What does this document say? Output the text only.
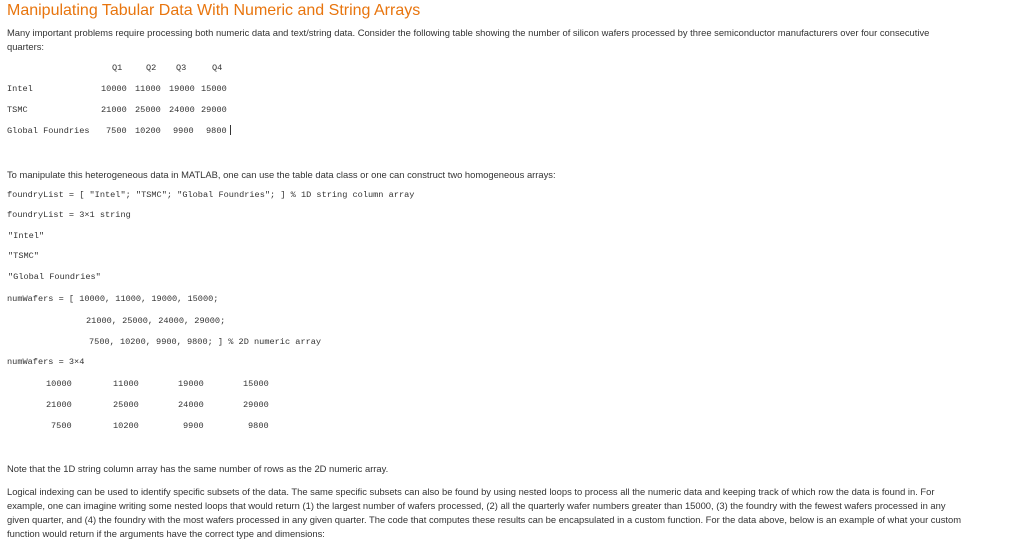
Manipulating Tabular Data With Numeric and String Arrays
Many important problems require processing both numeric data and text/string data. Consider the following table showing the number of silicon wafers processed by three semiconductor manufacturers over four consecutive
quarters:
Q1	Q2 Q3	Q4
Intel	10000 11000 19000 15000
TSMC	21000 25000 24000 29000
Global Foundries 7500 10200 9900 9800
To manipulate this heterogeneous data in MATLAB, one can use the table data class or one can construct two homogeneous arrays:
foundryList = [ "Intel"; "TSMC"; "Global Foundries"; ] % 1D string column array
foundryList = 3×1 string
"Intel"
"TSMC"
"Global Foundries"
numWafers = [ 10000, 11000, 19000, 15000;
21000, 25000, 24000, 29000;
7500, 10200, 9900, 9800; ] % 2D numeric array
numWafers = 3×4
10000	11000	19000	15000
21000	25000	24000	29000
7500	10200	9900	9800
Note that the 1D string column array has the same number of rows as the 2D numeric array.
Logical indexing can be used to identify specific subsets of the data. The same specific subsets can also be found by using nested loops to process all the numeric data and keeping track of which row the data is found in. For
example, one can imagine writing some nested loops that would return (1) the largest number of wafers processed, (2) all the quarterly wafer numbers greater than 15000, (3) the foundry with the fewest wafers processed in any
given quarter, and (4) the foundry with the most wafers processed in any given quarter. The code that computes these results can be encapsulated in a custom function. For the data above, below is an example of what your custom
function would return if the arguments have the correct type and dimensions:
